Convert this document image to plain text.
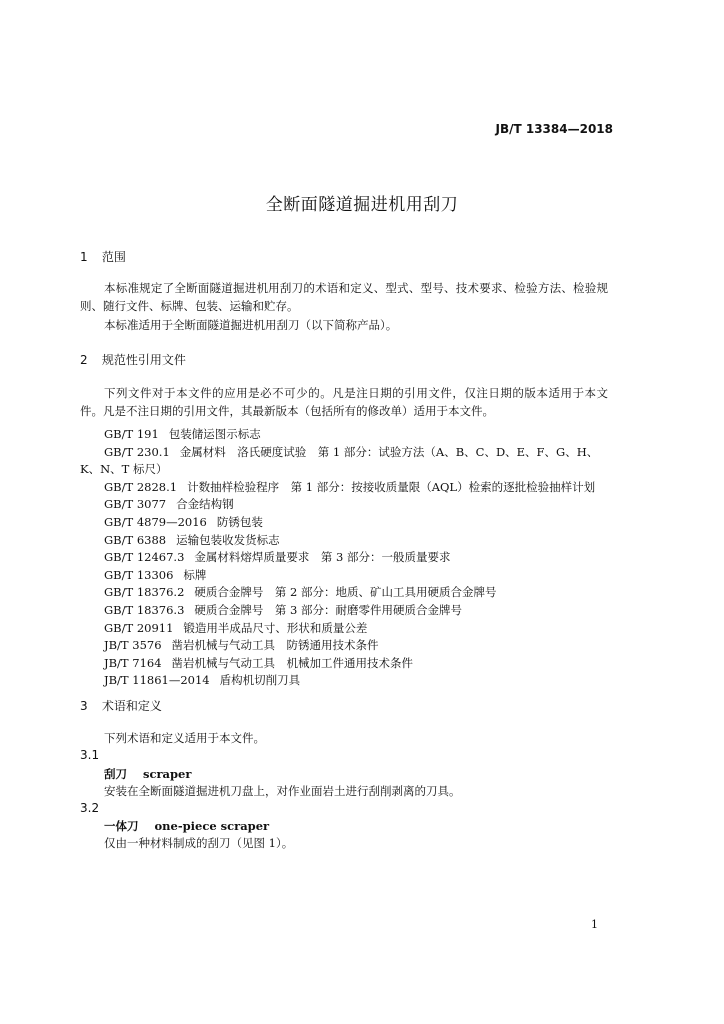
JB/T 13384—2018
全断面隧道掘进机用刮刀
1 范围
本标准规定了全断面隧道掘进机用刮刀的术语和定义、型式、型号、技术要求、检验方法、检验规则、随行文件、标牌、包装、运输和贮存。
本标准适用于全断面隧道掘进机用刮刀（以下简称产品）。
2 规范性引用文件
下列文件对于本文件的应用是必不可少的。凡是注日期的引用文件，仅注日期的版本适用于本文件。凡是不注日期的引用文件，其最新版本（包括所有的修改单）适用于本文件。
GB/T 191 包装储运图示标志
GB/T 230.1 金属材料　洛氏硬度试验　第 1 部分：试验方法（A、B、C、D、E、F、G、H、K、N、T 标尺）
GB/T 2828.1 计数抽样检验程序　第 1 部分：按接收质量限（AQL）检索的逐批检验抽样计划
GB/T 3077 合金结构钢
GB/T 4879—2016 防锈包装
GB/T 6388 运输包装收发货标志
GB/T 12467.3 金属材料熔焊质量要求　第 3 部分：一般质量要求
GB/T 13306 标牌
GB/T 18376.2 硬质合金牌号　第 2 部分：地质、矿山工具用硬质合金牌号
GB/T 18376.3 硬质合金牌号　第 3 部分：耐磨零件用硬质合金牌号
GB/T 20911 锻造用半成品尺寸、形状和质量公差
JB/T 3576 凿岩机械与气动工具　防锈通用技术条件
JB/T 7164 凿岩机械与气动工具　机械加工件通用技术条件
JB/T 11861—2014 盾构机切削刀具
3 术语和定义
下列术语和定义适用于本文件。
3.1
刮刀 scraper
安装在全断面隧道掘进机刀盘上，对作业面岩土进行刮削剥离的刀具。
3.2
一体刀 one-piece scraper
仅由一种材料制成的刮刀（见图 1）。
1
